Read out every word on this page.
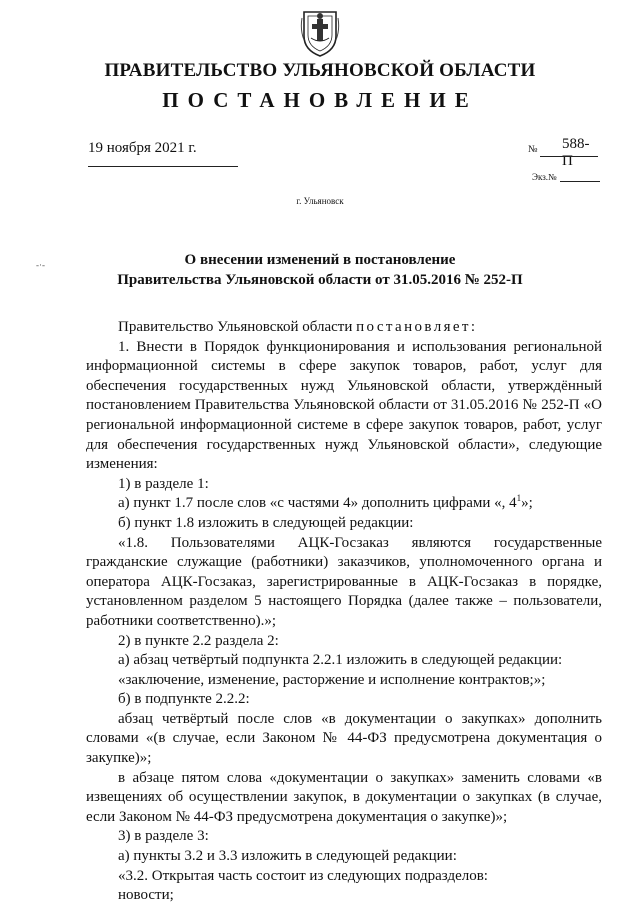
ПРАВИТЕЛЬСТВО УЛЬЯНОВСКОЙ ОБЛАСТИ
ПОСТАНОВЛЕНИЕ
19 ноября 2021 г.	№ 588-П
Экз.№
г. Ульяновск
О внесении изменений в постановление
Правительства Ульяновской области от 31.05.2016 № 252-П
-·-

Правительство Ульяновской области постановляет:

1. Внести в Порядок функционирования и использования региональной информационной системы в сфере закупок товаров, работ, услуг для обеспечения государственных нужд Ульяновской области, утверждённый постановлением Правительства Ульяновской области от 31.05.2016 № 252-П «О региональной информационной системе в сфере закупок товаров, работ, услуг для обеспечения государственных нужд Ульяновской области», следующие изменения:

1) в разделе 1:

а) пункт 1.7 после слов «с частями 4» дополнить цифрами «, $4^1$»;

б) пункт 1.8 изложить в следующей редакции:

«1.8. Пользователями АЦК-Госзаказ являются государственные гражданские служащие (работники) заказчиков, уполномоченного органа и оператора АЦК-Госзаказ, зарегистрированные в АЦК-Госзаказ в порядке, установленном разделом 5 настоящего Порядка (далее также – пользователи, работники соответственно).»;

2) в пункте 2.2 раздела 2:

а) абзац четвёртый подпункта 2.2.1 изложить в следующей редакции:

«заключение, изменение, расторжение и исполнение контрактов;»;

б) в подпункте 2.2.2:

абзац четвёртый после слов «в документации о закупках» дополнить словами «(в случае, если Законом № 44-ФЗ предусмотрена документация о закупке)»;

в абзаце пятом слова «документации о закупках» заменить словами «в извещениях об осуществлении закупок, в документации о закупках (в случае, если Законом № 44-ФЗ предусмотрена документация о закупке)»;

3) в разделе 3:

а) пункты 3.2 и 3.3 изложить в следующей редакции:

«3.2. Открытая часть состоит из следующих подразделов:

новости;
